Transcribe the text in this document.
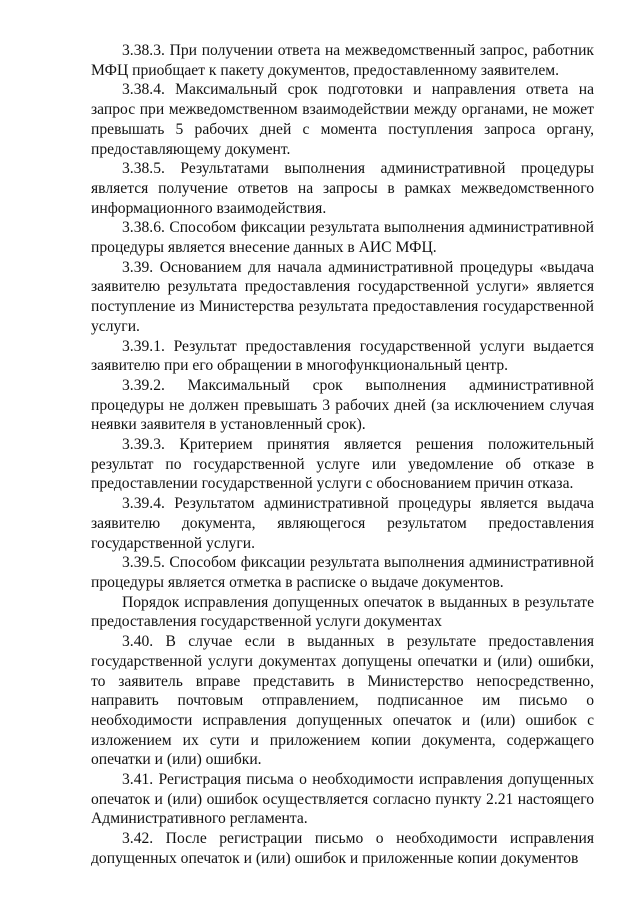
3.38.3. При получении ответа на межведомственный запрос, работник МФЦ приобщает к пакету документов, предоставленному заявителем.

3.38.4. Максимальный срок подготовки и направления ответа на запрос при межведомственном взаимодействии между органами, не может превышать 5 рабочих дней с момента поступления запроса органу, предоставляющему документ.

3.38.5. Результатами выполнения административной процедуры является получение ответов на запросы в рамках межведомственного информационного взаимодействия.

3.38.6. Способом фиксации результата выполнения административной процедуры является внесение данных в АИС МФЦ.

3.39. Основанием для начала административной процедуры «выдача заявителю результата предоставления государственной услуги» является поступление из Министерства результата предоставления государственной услуги.

3.39.1. Результат предоставления государственной услуги выдается заявителю при его обращении в многофункциональный центр.

3.39.2. Максимальный срок выполнения административной процедуры не должен превышать 3 рабочих дней (за исключением случая неявки заявителя в установленный срок).

3.39.3. Критерием принятия является решения положительный результат по государственной услуге или уведомление об отказе в предоставлении государственной услуги с обоснованием причин отказа.

3.39.4. Результатом административной процедуры является выдача заявителю документа, являющегося результатом предоставления государственной услуги.

3.39.5. Способом фиксации результата выполнения административной процедуры является отметка в расписке о выдаче документов.

Порядок исправления допущенных опечаток в выданных в результате предоставления государственной услуги документах

3.40. В случае если в выданных в результате предоставления государственной услуги документах допущены опечатки и (или) ошибки, то заявитель вправе представить в Министерство непосредственно, направить почтовым отправлением, подписанное им письмо о необходимости исправления допущенных опечаток и (или) ошибок с изложением их сути и приложением копии документа, содержащего опечатки и (или) ошибки.

3.41. Регистрация письма о необходимости исправления допущенных опечаток и (или) ошибок осуществляется согласно пункту 2.21 настоящего Административного регламента.

3.42. После регистрации письмо о необходимости исправления допущенных опечаток и (или) ошибок и приложенные копии документов
